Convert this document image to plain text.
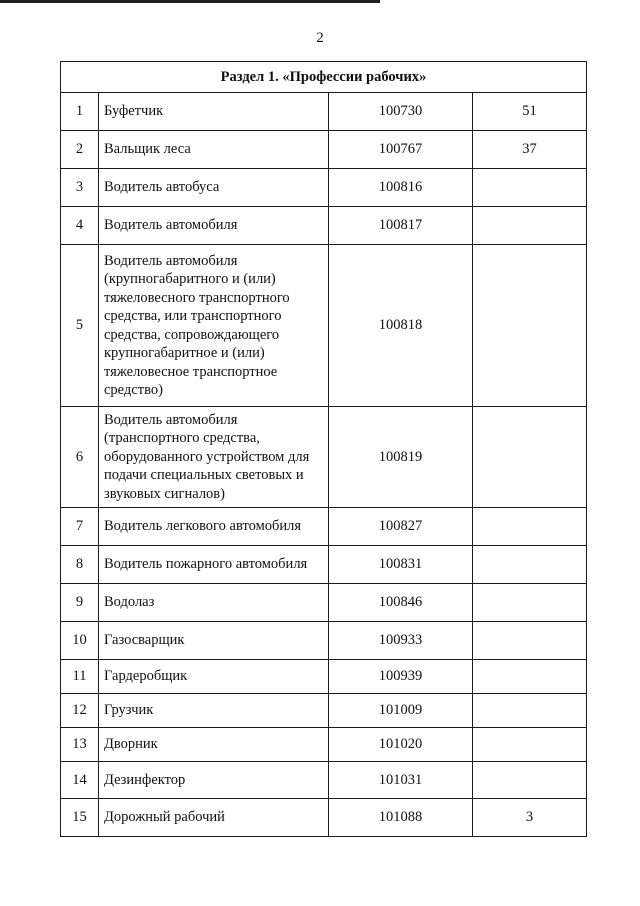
2
Раздел 1. «Профессии рабочих»			
1	Буфетчик	100730	51
2	Вальщик леса	100767	37
3	Водитель автобуса	100816	
4	Водитель автомобиля	100817	
5	Водитель автомобиля (крупногабаритного и (или) тяжеловесного транспортного средства, или транспортного средства, сопровождающего крупногабаритное и (или) тяжеловесное транспортное средство)	100818	
6	Водитель автомобиля (транспортного средства, оборудованного устройством для подачи специальных световых и звуковых сигналов)	100819	
7	Водитель легкового автомобиля	100827	
8	Водитель пожарного автомобиля	100831	
9	Водолаз	100846	
10	Газосварщик	100933	
11	Гардеробщик	100939	
12	Грузчик	101009	
13	Дворник	101020	
14	Дезинфектор	101031	
15	Дорожный рабочий	101088	3
